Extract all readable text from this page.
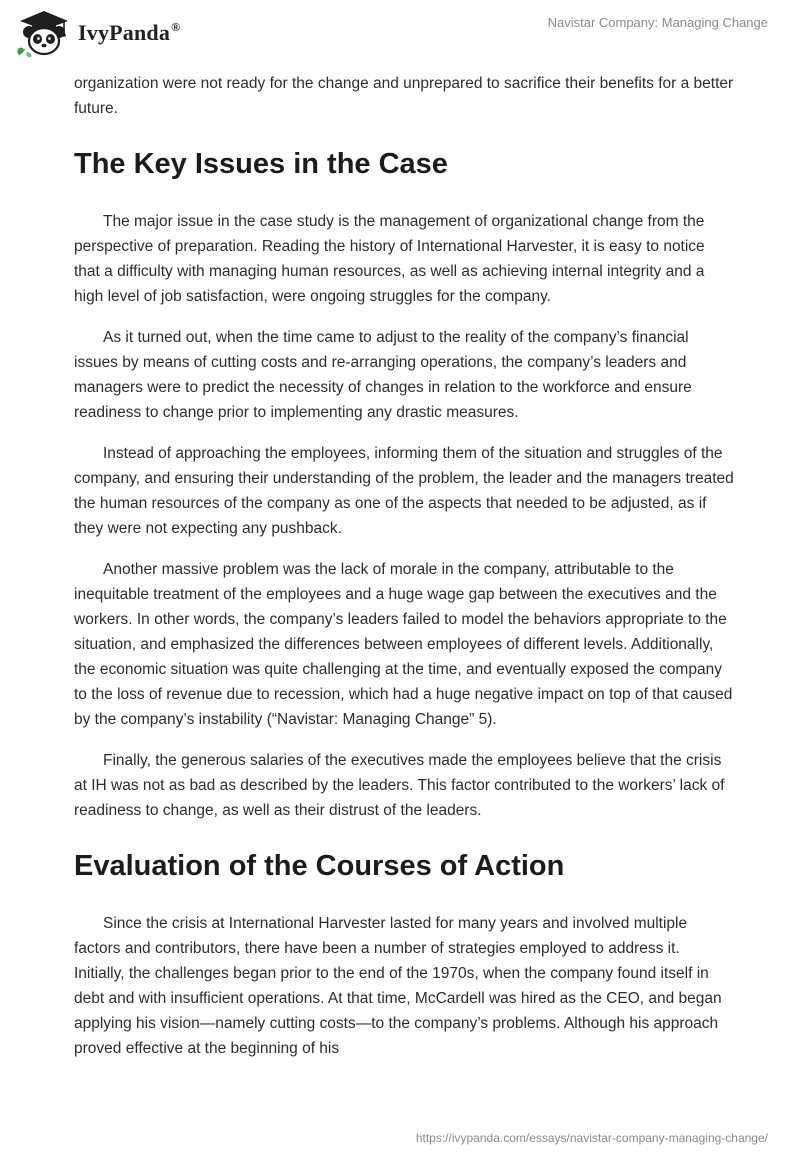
IvyPanda®	Navistar Company: Managing Change

organization were not ready for the change and unprepared to sacrifice their benefits for a better future.

The Key Issues in the Case

The major issue in the case study is the management of organizational change from the perspective of preparation. Reading the history of International Harvester, it is easy to notice that a difficulty with managing human resources, as well as achieving internal integrity and a high level of job satisfaction, were ongoing struggles for the company.

As it turned out, when the time came to adjust to the reality of the company’s financial issues by means of cutting costs and re-arranging operations, the company’s leaders and managers were to predict the necessity of changes in relation to the workforce and ensure readiness to change prior to implementing any drastic measures.

Instead of approaching the employees, informing them of the situation and struggles of the company, and ensuring their understanding of the problem, the leader and the managers treated the human resources of the company as one of the aspects that needed to be adjusted, as if they were not expecting any pushback.

Another massive problem was the lack of morale in the company, attributable to the inequitable treatment of the employees and a huge wage gap between the executives and the workers. In other words, the company’s leaders failed to model the behaviors appropriate to the situation, and emphasized the differences between employees of different levels. Additionally, the economic situation was quite challenging at the time, and eventually exposed the company to the loss of revenue due to recession, which had a huge negative impact on top of that caused by the company’s instability (“Navistar: Managing Change” 5).

Finally, the generous salaries of the executives made the employees believe that the crisis at IH was not as bad as described by the leaders. This factor contributed to the workers’ lack of readiness to change, as well as their distrust of the leaders.

Evaluation of the Courses of Action

Since the crisis at International Harvester lasted for many years and involved multiple factors and contributors, there have been a number of strategies employed to address it. Initially, the challenges began prior to the end of the 1970s, when the company found itself in debt and with insufficient operations. At that time, McCardell was hired as the CEO, and began applying his vision—namely cutting costs—to the company’s problems. Although his approach proved effective at the beginning of his

https://ivypanda.com/essays/navistar-company-managing-change/
